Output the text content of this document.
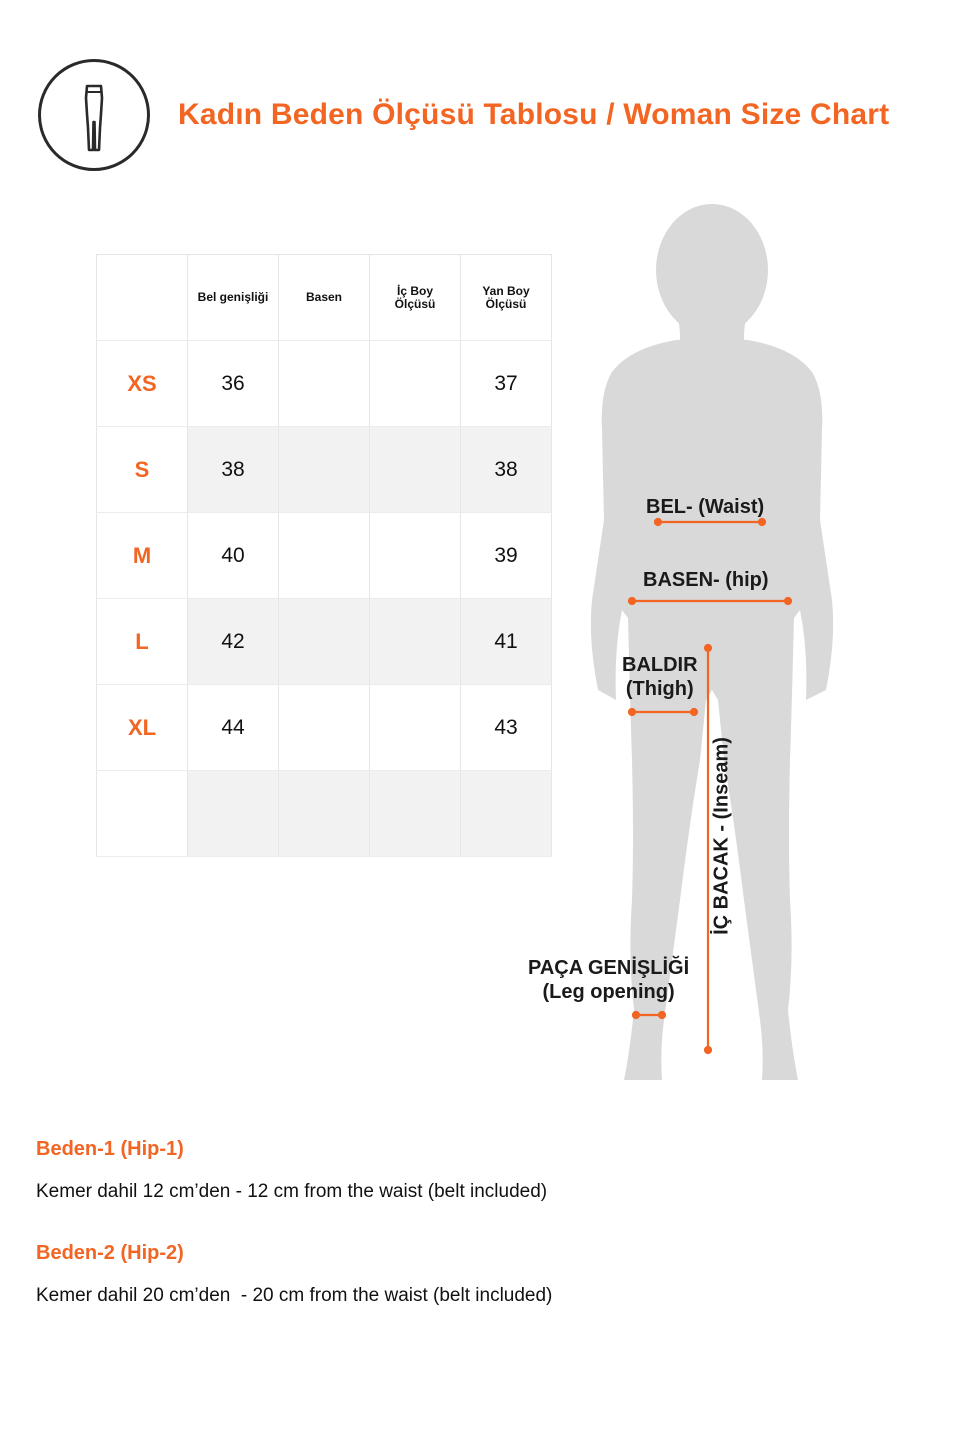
Kadın Beden Ölçüsü Tablosu / Woman Size Chart
	Bel genişliği	Basen	İç Boy Ölçüsü	Yan Boy Ölçüsü
XS	36			37
S	38			38
M	40			39
L	42			41
XL	44			43

BEL- (Waist)
BASEN- (hip)
BALDIR
(Thigh)
İÇ BACAK - (Inseam)
PAÇA GENİŞLİĞİ
(Leg opening)
Beden-1 (Hip-1)
Kemer dahil 12 cm’den - 12 cm from the waist (belt included)
Beden-2 (Hip-2)
Kemer dahil 20 cm’den  - 20 cm from the waist (belt included)
